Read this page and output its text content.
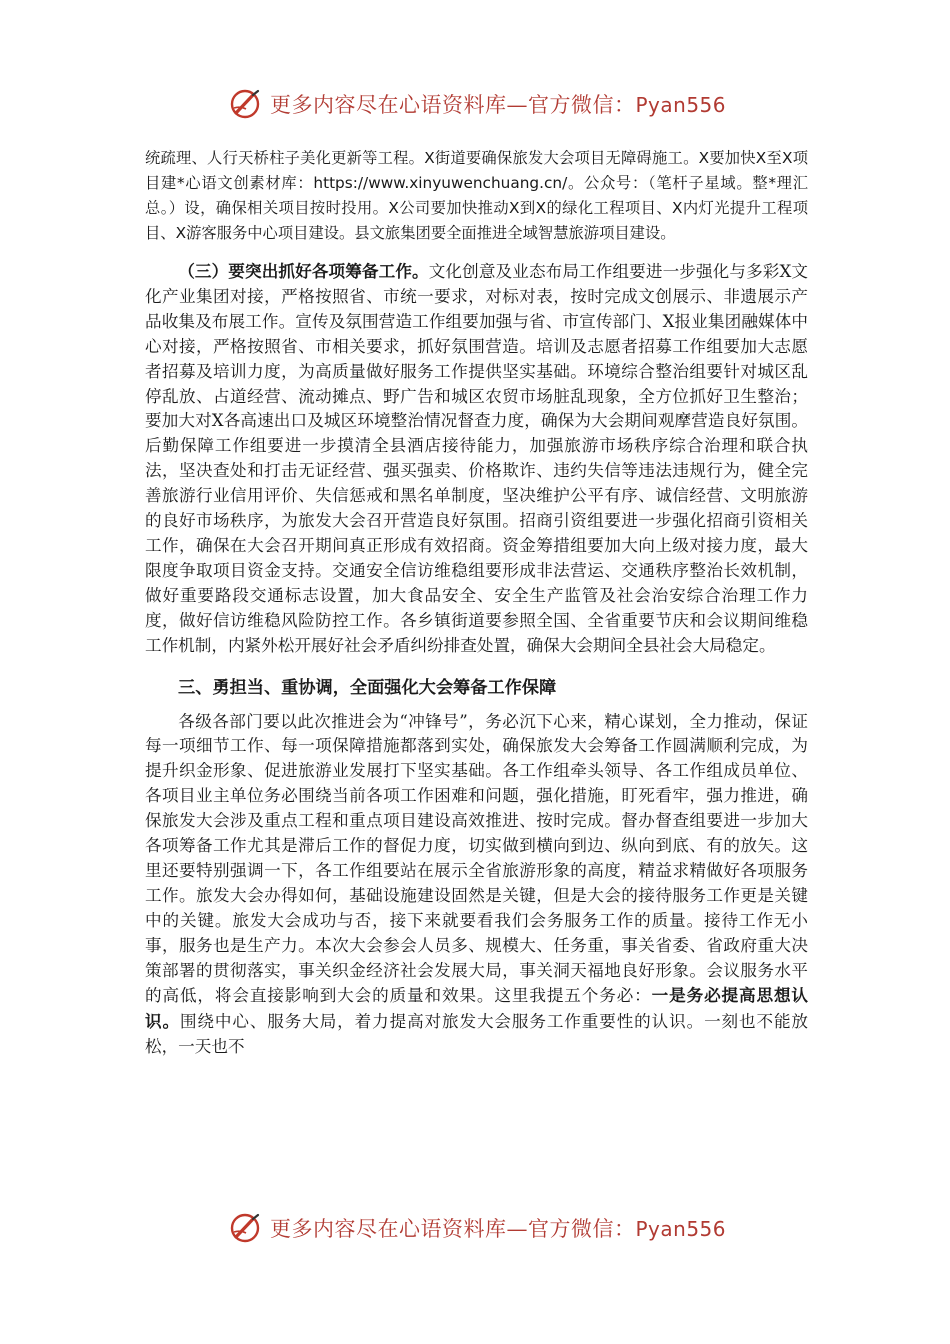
更多内容尽在心语资料库—官方微信：Pyan556

统疏理、人行天桥柱子美化更新等工程。X街道要确保旅发大会项目无障碍施工。X要加快X至X项目建*心语文创素材库：https://www.xinyuwenchuang.cn/。公众号：（笔杆子星域。整*理汇总。）设，确保相关项目按时投用。X公司要加快推动X到X的绿化工程项目、X内灯光提升工程项目、X游客服务中心项目建设。县文旅集团要全面推进全域智慧旅游项目建设。

（三）要突出抓好各项筹备工作。文化创意及业态布局工作组要进一步强化与多彩X文化产业集团对接，严格按照省、市统一要求，对标对表，按时完成文创展示、非遗展示产品收集及布展工作。宣传及氛围营造工作组要加强与省、市宣传部门、X报业集团融媒体中心对接，严格按照省、市相关要求，抓好氛围营造。培训及志愿者招募工作组要加大志愿者招募及培训力度，为高质量做好服务工作提供坚实基础。环境综合整治组要针对城区乱停乱放、占道经营、流动摊点、野广告和城区农贸市场脏乱现象，全方位抓好卫生整治；要加大对X各高速出口及城区环境整治情况督查力度，确保为大会期间观摩营造良好氛围。后勤保障工作组要进一步摸清全县酒店接待能力，加强旅游市场秩序综合治理和联合执法，坚决查处和打击无证经营、强买强卖、价格欺诈、违约失信等违法违规行为，健全完善旅游行业信用评价、失信惩戒和黑名单制度，坚决维护公平有序、诚信经营、文明旅游的良好市场秩序，为旅发大会召开营造良好氛围。招商引资组要进一步强化招商引资相关工作，确保在大会召开期间真正形成有效招商。资金筹措组要加大向上级对接力度，最大限度争取项目资金支持。交通安全信访维稳组要形成非法营运、交通秩序整治长效机制，做好重要路段交通标志设置，加大食品安全、安全生产监管及社会治安综合治理工作力度，做好信访维稳风险防控工作。各乡镇街道要参照全国、全省重要节庆和会议期间维稳工作机制，内紧外松开展好社会矛盾纠纷排查处置，确保大会期间全县社会大局稳定。

三、勇担当、重协调，全面强化大会筹备工作保障

各级各部门要以此次推进会为“冲锋号”，务必沉下心来，精心谋划，全力推动，保证每一项细节工作、每一项保障措施都落到实处，确保旅发大会筹备工作圆满顺利完成，为提升织金形象、促进旅游业发展打下坚实基础。各工作组牵头领导、各工作组成员单位、各项目业主单位务必围绕当前各项工作困难和问题，强化措施，盯死看牢，强力推进，确保旅发大会涉及重点工程和重点项目建设高效推进、按时完成。督办督查组要进一步加大各项筹备工作尤其是滞后工作的督促力度，切实做到横向到边、纵向到底、有的放矢。这里还要特别强调一下，各工作组要站在展示全省旅游形象的高度，精益求精做好各项服务工作。旅发大会办得如何，基础设施建设固然是关键，但是大会的接待服务工作更是关键中的关键。旅发大会成功与否，接下来就要看我们会务服务工作的质量。接待工作无小事，服务也是生产力。本次大会参会人员多、规模大、任务重，事关省委、省政府重大决策部署的贯彻落实，事关织金经济社会发展大局，事关洞天福地良好形象。会议服务水平的高低，将会直接影响到大会的质量和效果。这里我提五个务必：一是务必提高思想认识。围绕中心、服务大局，着力提高对旅发大会服务工作重要性的认识。一刻也不能放松，一天也不

更多内容尽在心语资料库—官方微信：Pyan556
